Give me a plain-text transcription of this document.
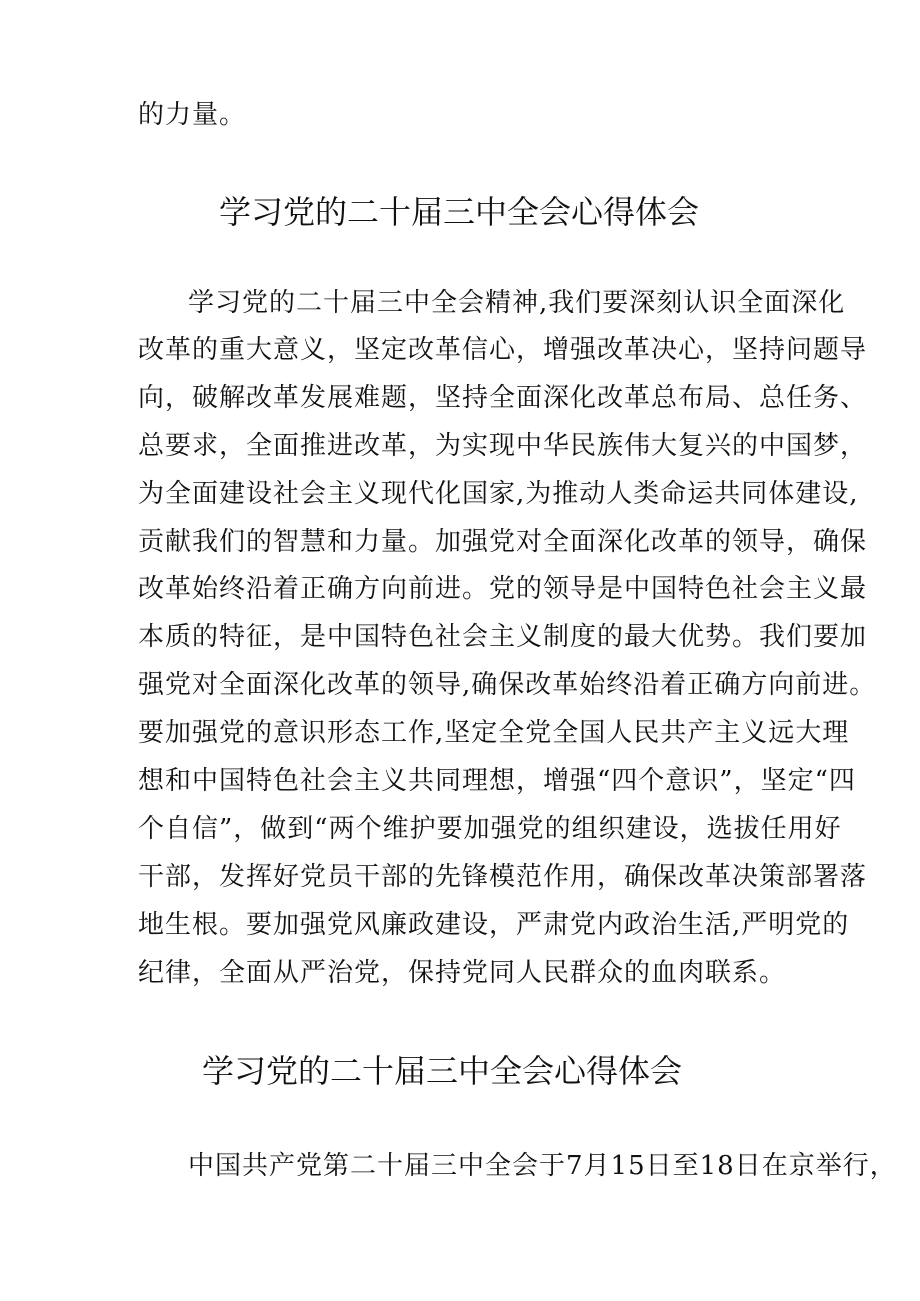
的力量。
学习党的二十届三中全会心得体会
学习党的二十届三中全会精神,我们要深刻认识全面深化
改革的重大意义，坚定改革信心，增强改革决心，坚持问题导
向，破解改革发展难题，坚持全面深化改革总布局、总任务、
总要求，全面推进改革，为实现中华民族伟大复兴的中国梦，
为全面建设社会主义现代化国家,为推动人类命运共同体建设,
贡献我们的智慧和力量。加强党对全面深化改革的领导，确保
改革始终沿着正确方向前进。党的领导是中国特色社会主义最
本质的特征，是中国特色社会主义制度的最大优势。我们要加
强党对全面深化改革的领导,确保改革始终沿着正确方向前进。
要加强党的意识形态工作,坚定全党全国人民共产主义远大理
想和中国特色社会主义共同理想，增强“四个意识”，坚定“四
个自信”，做到“两个维护要加强党的组织建设，选拔任用好
干部，发挥好党员干部的先锋模范作用，确保改革决策部署落
地生根。要加强党风廉政建设，严肃党内政治生活,严明党的
纪律，全面从严治党，保持党同人民群众的血肉联系。
学习党的二十届三中全会心得体会
中国共产党第二十届三中全会于7月15日至18日在京举行，
